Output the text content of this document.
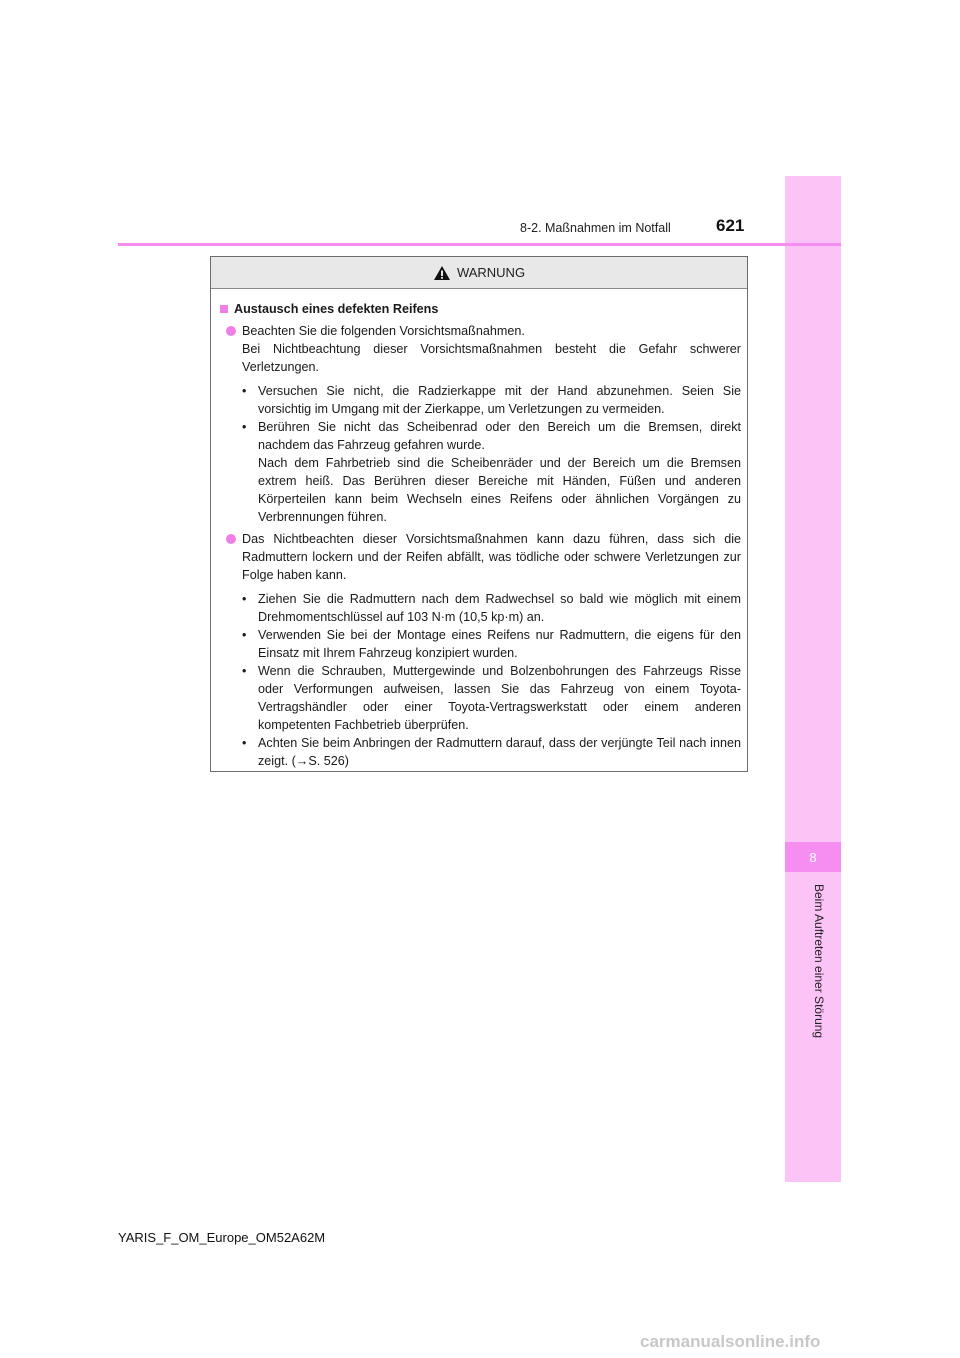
8
Beim Auftreten einer Störung
8-2. Maßnahmen im Notfall	621
WARNUNG
Austausch eines defekten Reifens
Beachten Sie die folgenden Vorsichtsmaßnahmen.
Bei Nichtbeachtung dieser Vorsichtsmaßnahmen besteht die Gefahr schwerer Verletzungen.
• Versuchen Sie nicht, die Radzierkappe mit der Hand abzunehmen. Seien Sie vorsichtig im Umgang mit der Zierkappe, um Verletzungen zu vermeiden.
• Berühren Sie nicht das Scheibenrad oder den Bereich um die Bremsen, direkt nachdem das Fahrzeug gefahren wurde.
Nach dem Fahrbetrieb sind die Scheibenräder und der Bereich um die Bremsen extrem heiß. Das Berühren dieser Bereiche mit Händen, Füßen und anderen Körperteilen kann beim Wechseln eines Reifens oder ähnlichen Vorgängen zu Verbrennungen führen.
Das Nichtbeachten dieser Vorsichtsmaßnahmen kann dazu führen, dass sich die Radmuttern lockern und der Reifen abfällt, was tödliche oder schwere Verletzungen zur Folge haben kann.
• Ziehen Sie die Radmuttern nach dem Radwechsel so bald wie möglich mit einem Drehmomentschlüssel auf 103 N·m (10,5 kp·m) an.
• Verwenden Sie bei der Montage eines Reifens nur Radmuttern, die eigens für den Einsatz mit Ihrem Fahrzeug konzipiert wurden.
• Wenn die Schrauben, Muttergewinde und Bolzenbohrungen des Fahrzeugs Risse oder Verformungen aufweisen, lassen Sie das Fahrzeug von einem Toyota-Vertragshändler oder einer Toyota-Vertragswerkstatt oder einem anderen kompetenten Fachbetrieb überprüfen.
• Achten Sie beim Anbringen der Radmuttern darauf, dass der verjüngte Teil nach innen zeigt. (→S. 526)
YARIS_F_OM_Europe_OM52A62M
carmanualsonline.info
